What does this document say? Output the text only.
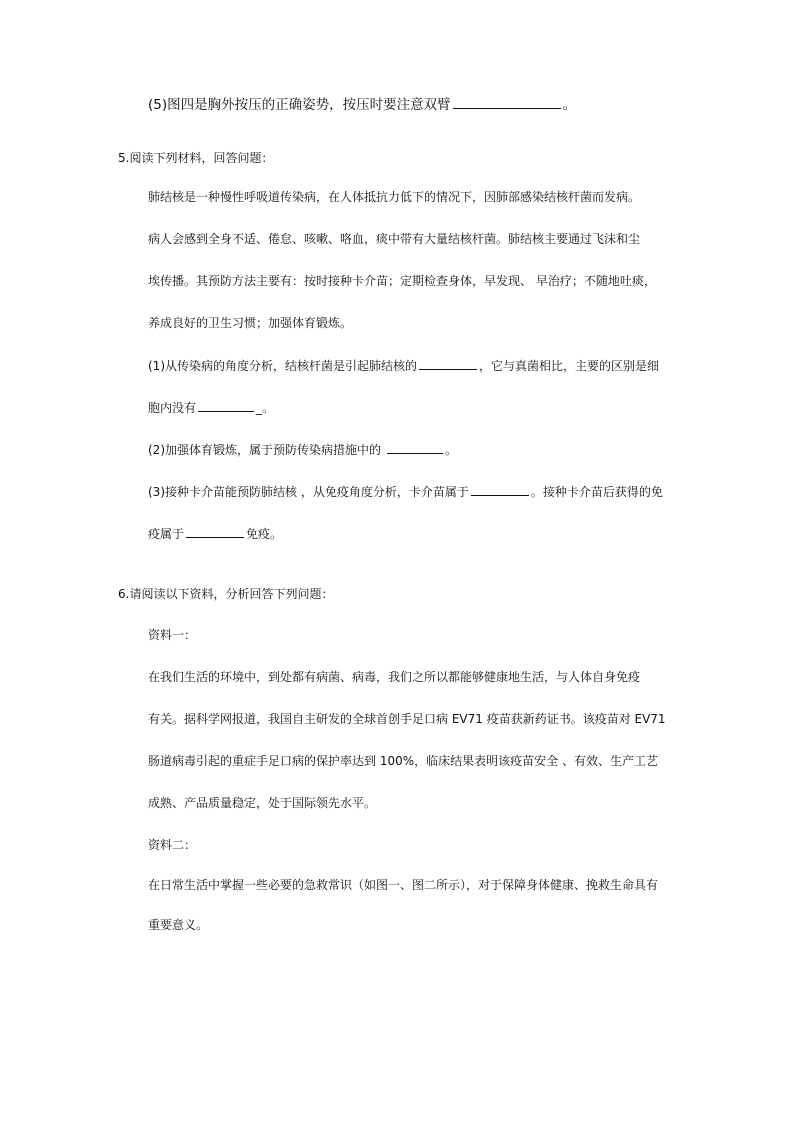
(5)图四是胸外按压的正确姿势，按压时要注意双臂	。
5.阅读下列材料，回答问题：
肺结核是一种慢性呼吸道传染病，在人体抵抗力低下的情况下，因肺部感染结核杆菌而发病。
病人会感到全身不适、倦怠、咳嗽、咯血，痰中带有大量结核杆菌。肺结核主要通过飞沫和尘
埃传播。其预防方法主要有：按时接种卡介苗；定期检查身体，早发现、 早治疗；不随地吐痰，
养成良好的卫生习惯；加强体育锻炼。
(1)从传染病的角度分析，结核杆菌是引起肺结核的	，它与真菌相比，主要的区别是细
胞内没有	_。
(2)加强体育锻炼，属于预防传染病措施中的	。
(3)接种卡介苗能预防肺结核 ，从免疫角度分析，卡介苗属于	。接种卡介苗后获得的免
疫属于	免疫。
6.请阅读以下资料，分析回答下列问题：
资料一：
在我们生活的环境中，到处都有病菌、病毒，我们之所以都能够健康地生活，与人体自身免疫
有关。据科学网报道，我国自主研发的全球首创手足口病 EV71 疫苗获新药证书。该疫苗对 EV71
肠道病毒引起的重症手足口病的保护率达到 100%，临床结果表明该疫苗安全 、有效、生产工艺
成熟、产品质量稳定，处于国际领先水平。
资料二：
在日常生活中掌握一些必要的急救常识（如图一、图二所示），对于保障身体健康、挽救生命具有
重要意义。
